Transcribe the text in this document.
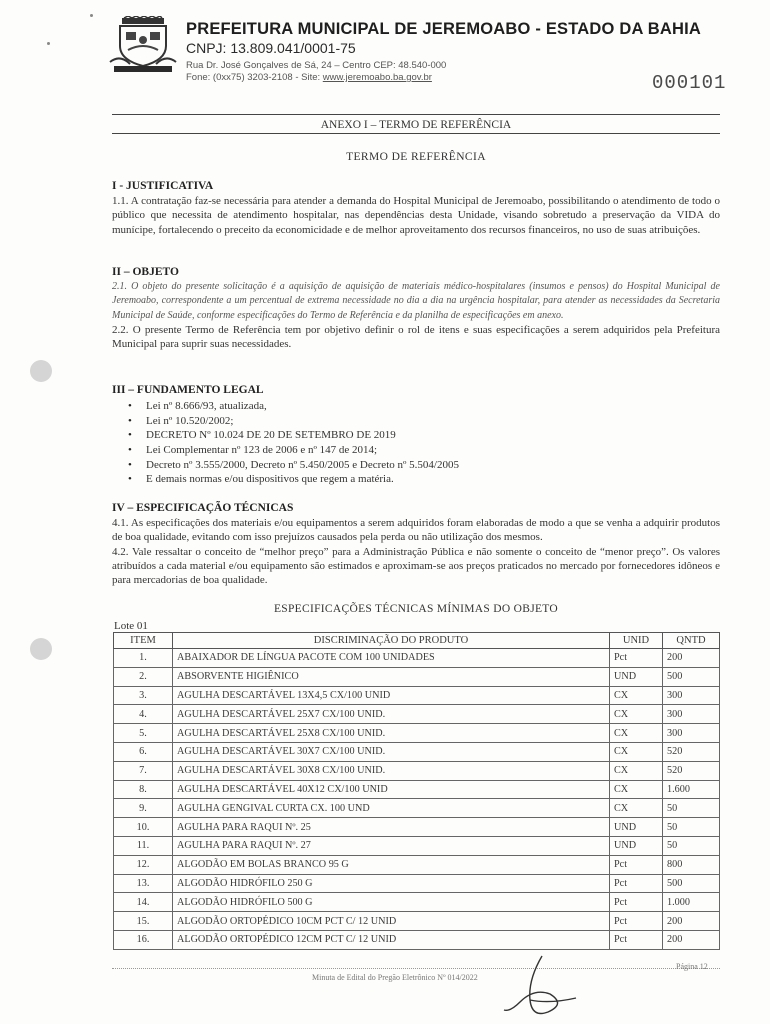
PREFEITURA MUNICIPAL DE JEREMOABO - ESTADO DA BAHIA
CNPJ: 13.809.041/0001-75
Rua Dr. José Gonçalves de Sá, 24 – Centro CEP: 48.540-000
Fone: (0xx75) 3203-2108 - Site: www.jeremoabo.ba.gov.br	000101
ANEXO I – TERMO DE REFERÊNCIA
TERMO DE REFERÊNCIA
I - JUSTIFICATIVA

1.1. A contratação faz-se necessária para atender a demanda do Hospital Municipal de Jeremoabo, possibilitando o atendimento de todo o público que necessita de atendimento hospitalar, nas dependências desta Unidade, visando sobretudo a preservação da VIDA do munícipe, fortalecendo o preceito da economicidade e de melhor aproveitamento dos recursos financeiros, no uso de suas atribuições.

II – OBJETO

2.1. O objeto do presente solicitação é a aquisição de aquisição de materiais médico-hospitalares (insumos e pensos) do Hospital Municipal de Jeremoabo, correspondente a um percentual de extrema necessidade no dia a dia na urgência hospitalar, para atender as necessidades da Secretaria Municipal de Saúde, conforme especificações do Termo de Referência e da planilha de especificações em anexo.

2.2. O presente Termo de Referência tem por objetivo definir o rol de itens e suas especificações a serem adquiridos pela Prefeitura Municipal para suprir suas necessidades.

III – FUNDAMENTO LEGAL
• Lei nº 8.666/93, atualizada,
• Lei nº 10.520/2002;
• DECRETO Nº 10.024 DE 20 DE SETEMBRO DE 2019
• Lei Complementar nº 123 de 2006 e nº 147 de 2014;
• Decreto nº 3.555/2000, Decreto nº 5.450/2005 e Decreto nº 5.504/2005
• E demais normas e/ou dispositivos que regem a matéria.
IV – ESPECIFICAÇÃO TÉCNICAS

4.1. As especificações dos materiais e/ou equipamentos a serem adquiridos foram elaboradas de modo a que se venha a adquirir produtos de boa qualidade, evitando com isso prejuízos causados pela perda ou não utilização dos mesmos.

4.2. Vale ressaltar o conceito de “melhor preço” para a Administração Pública e não somente o conceito de “menor preço”. Os valores atribuídos a cada material e/ou equipamento são estimados e aproximam-se aos preços praticados no mercado por fornecedores idôneos e para mercadorias de boa qualidade.

ESPECIFICAÇÕES TÉCNICAS MÍNIMAS DO OBJETO
Lote 01
ITEM	DISCRIMINAÇÃO DO PRODUTO	UNID	QNTD
1.	ABAIXADOR DE LÍNGUA PACOTE COM 100 UNIDADES	Pct	200
2.	ABSORVENTE HIGIÊNICO	UND	500
3.	AGULHA DESCARTÁVEL 13X4,5 CX/100 UNID	CX	300
4.	AGULHA DESCARTÁVEL 25X7 CX/100 UNID.	CX	300
5.	AGULHA DESCARTÁVEL 25X8 CX/100 UNID.	CX	300
6.	AGULHA DESCARTÁVEL 30X7 CX/100 UNID.	CX	520
7.	AGULHA DESCARTÁVEL 30X8 CX/100 UNID.	CX	520
8.	AGULHA DESCARTÁVEL 40X12 CX/100 UNID	CX	1.600
9.	AGULHA GENGIVAL CURTA CX. 100 UND	CX	50
10.	AGULHA PARA RAQUI Nº. 25	UND	50
11.	AGULHA PARA RAQUI Nº. 27	UND	50
12.	ALGODÃO EM BOLAS BRANCO 95 G	Pct	800
13.	ALGODÃO HIDRÓFILO 250 G	Pct	500
14.	ALGODÃO HIDRÓFILO 500 G	Pct	1.000
15.	ALGODÃO ORTOPÉDICO 10CM PCT C/ 12 UNID	Pct	200
16.	ALGODÃO ORTOPÉDICO 12CM PCT C/ 12 UNID	Pct	200
Minuta de Edital do Pregão Eletrônico Nº 014/2022
Página 12
